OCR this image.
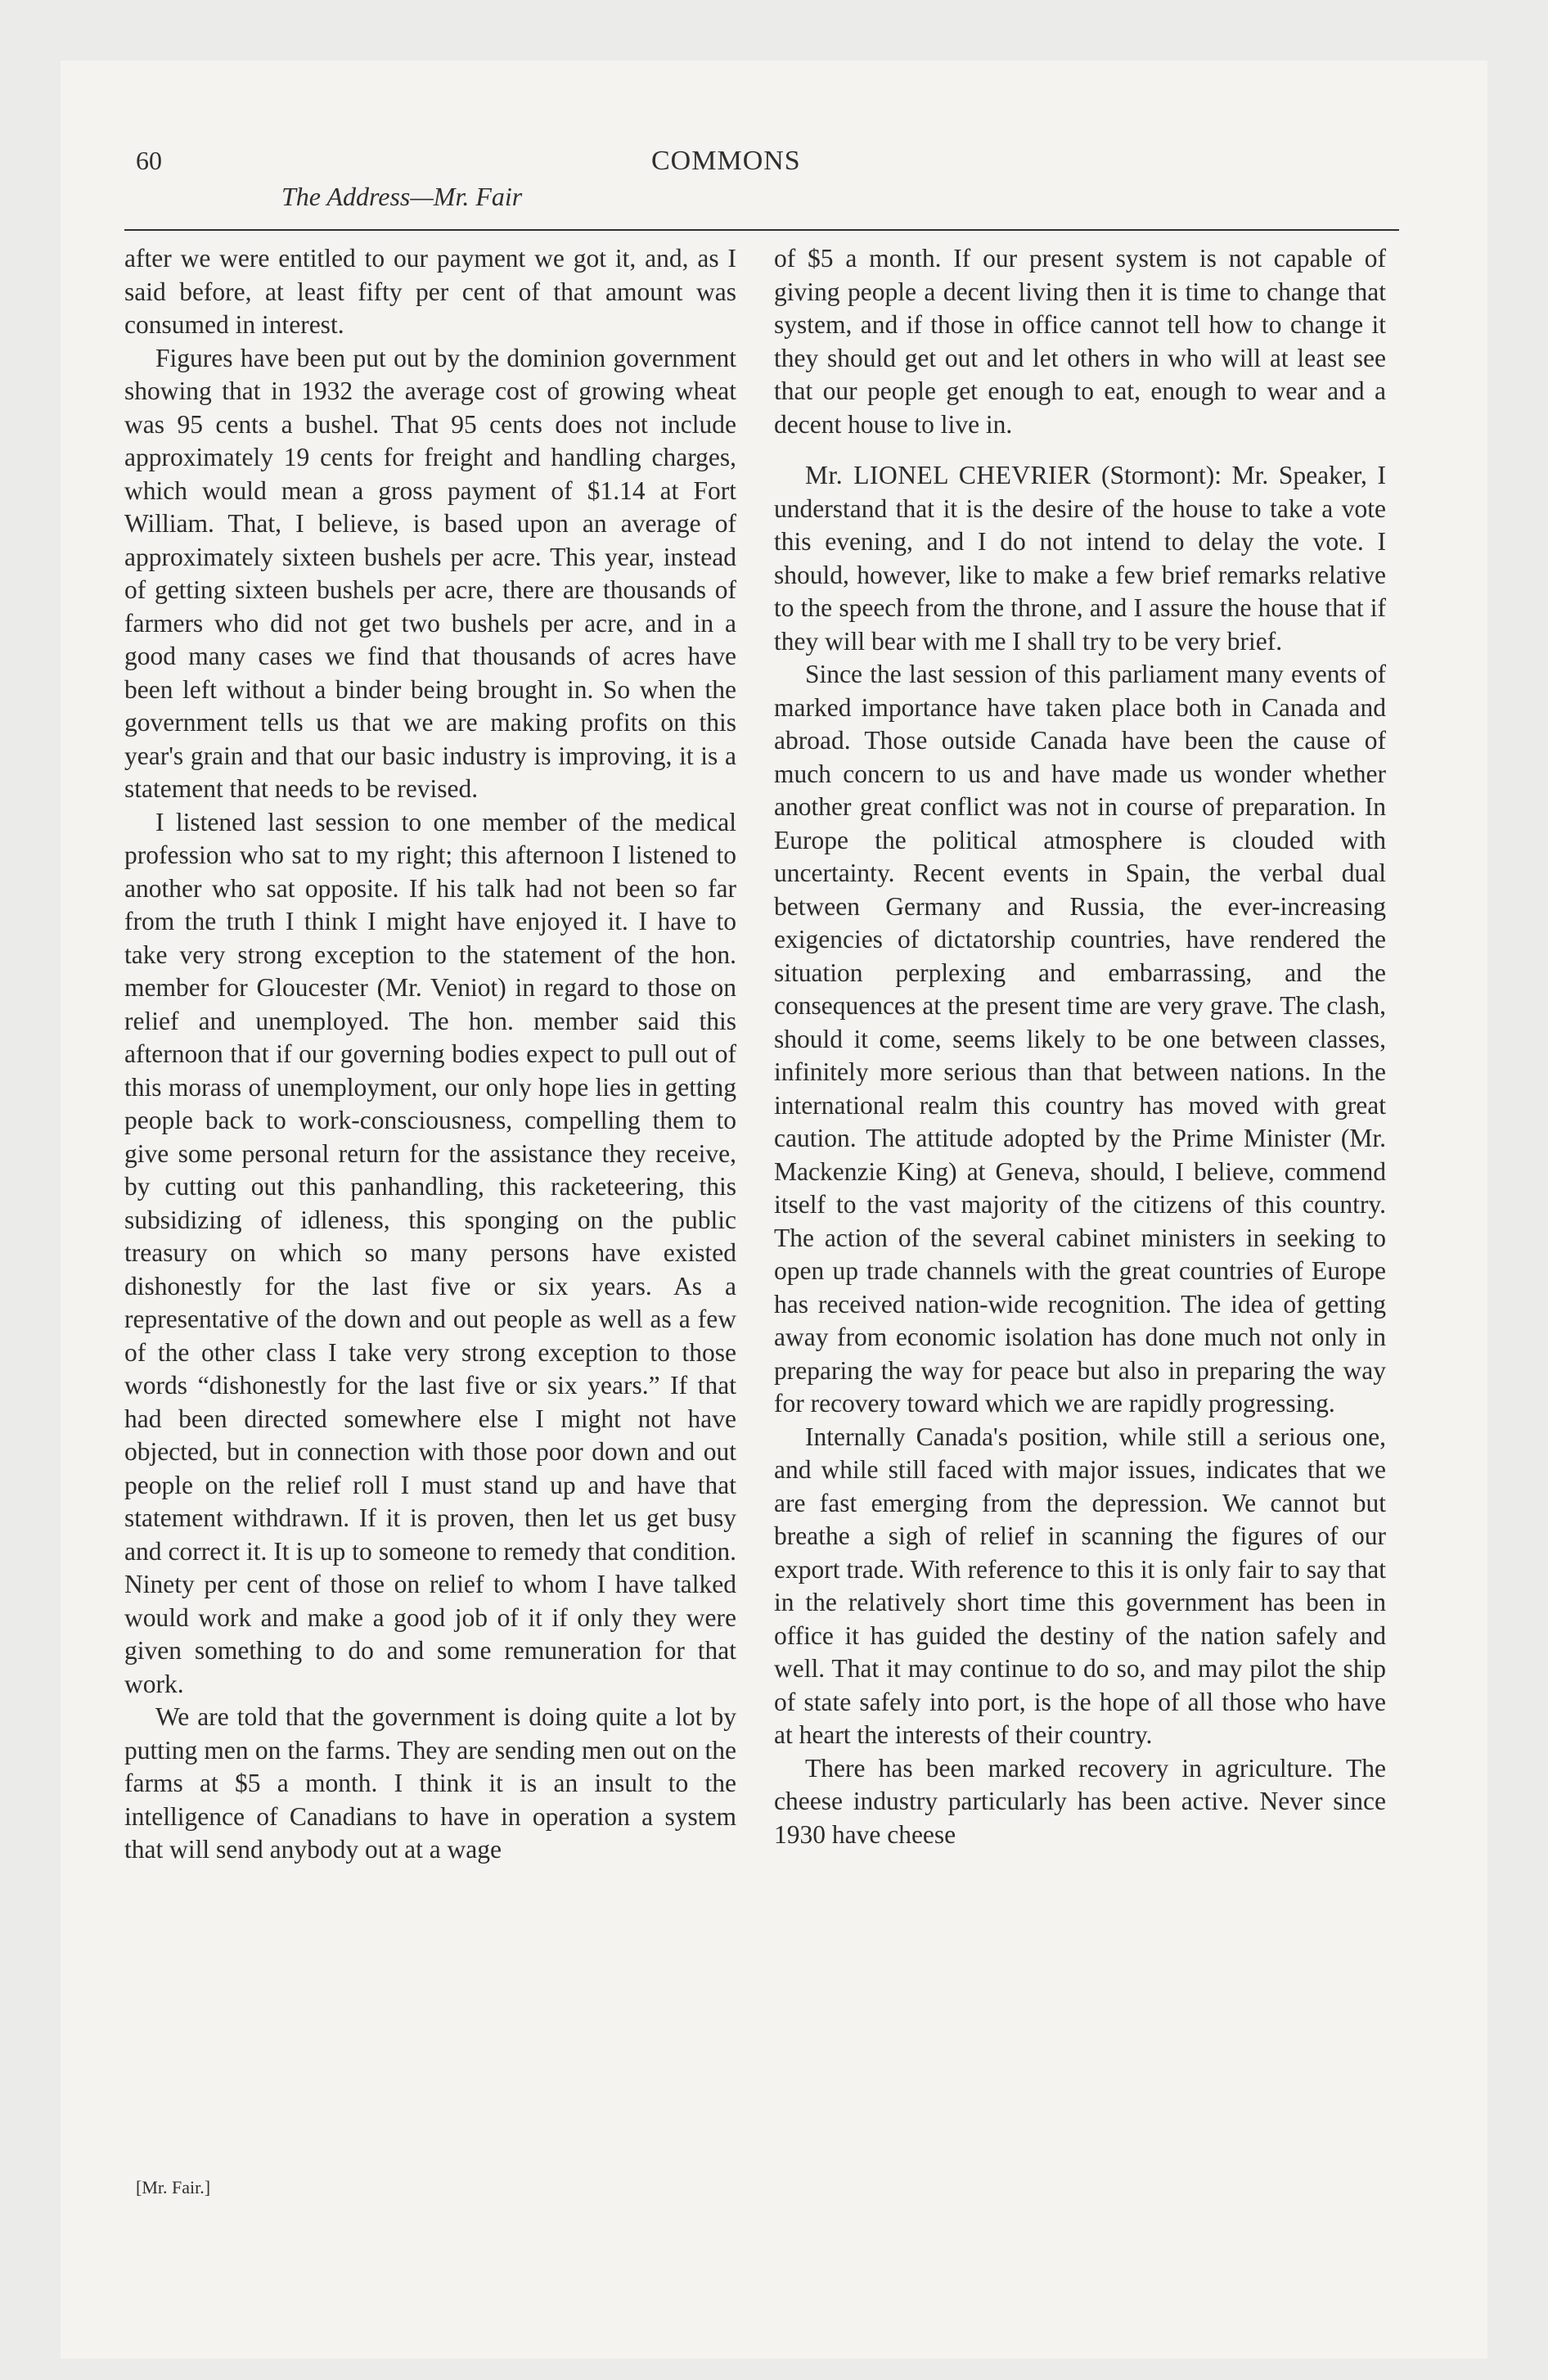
60	COMMONS
The Address—Mr. Fair

after we were entitled to our payment we got it, and, as I said before, at least fifty per cent of that amount was consumed in interest.

Figures have been put out by the dominion government showing that in 1932 the average cost of growing wheat was 95 cents a bushel. That 95 cents does not include approximately 19 cents for freight and handling charges, which would mean a gross payment of $1.14 at Fort William. That, I believe, is based upon an average of approximately sixteen bushels per acre. This year, instead of getting sixteen bushels per acre, there are thousands of farmers who did not get two bushels per acre, and in a good many cases we find that thousands of acres have been left without a binder being brought in. So when the government tells us that we are making profits on this year's grain and that our basic industry is improving, it is a statement that needs to be revised.

I listened last session to one member of the medical profession who sat to my right; this afternoon I listened to another who sat opposite. If his talk had not been so far from the truth I think I might have enjoyed it. I have to take very strong exception to the statement of the hon. member for Gloucester (Mr. Veniot) in regard to those on relief and unemployed. The hon. member said this afternoon that if our governing bodies expect to pull out of this morass of unemployment, our only hope lies in getting people back to work-consciousness, compelling them to give some personal return for the assistance they receive, by cutting out this panhandling, this racketeering, this subsidizing of idleness, this sponging on the public treasury on which so many persons have existed dishonestly for the last five or six years. As a representative of the down and out people as well as a few of the other class I take very strong exception to those words “dishonestly for the last five or six years.” If that had been directed somewhere else I might not have objected, but in connection with those poor down and out people on the relief roll I must stand up and have that statement withdrawn. If it is proven, then let us get busy and correct it. It is up to someone to remedy that condition. Ninety per cent of those on relief to whom I have talked would work and make a good job of it if only they were given something to do and some remuneration for that work.

We are told that the government is doing quite a lot by putting men on the farms. They are sending men out on the farms at $5 a month. I think it is an insult to the intelligence of Canadians to have in operation a system that will send anybody out at a wage

of $5 a month. If our present system is not capable of giving people a decent living then it is time to change that system, and if those in office cannot tell how to change it they should get out and let others in who will at least see that our people get enough to eat, enough to wear and a decent house to live in.

Mr. LIONEL CHEVRIER (Stormont): Mr. Speaker, I understand that it is the desire of the house to take a vote this evening, and I do not intend to delay the vote. I should, however, like to make a few brief remarks relative to the speech from the throne, and I assure the house that if they will bear with me I shall try to be very brief.

Since the last session of this parliament many events of marked importance have taken place both in Canada and abroad. Those outside Canada have been the cause of much concern to us and have made us wonder whether another great conflict was not in course of preparation. In Europe the political atmosphere is clouded with uncertainty. Recent events in Spain, the verbal dual between Germany and Russia, the ever-increasing exigencies of dictatorship countries, have rendered the situation perplexing and embarrassing, and the consequences at the present time are very grave. The clash, should it come, seems likely to be one between classes, infinitely more serious than that between nations. In the international realm this country has moved with great caution. The attitude adopted by the Prime Minister (Mr. Mackenzie King) at Geneva, should, I believe, commend itself to the vast majority of the citizens of this country. The action of the several cabinet ministers in seeking to open up trade channels with the great countries of Europe has received nation-wide recognition. The idea of getting away from economic isolation has done much not only in preparing the way for peace but also in preparing the way for recovery toward which we are rapidly progressing.

Internally Canada's position, while still a serious one, and while still faced with major issues, indicates that we are fast emerging from the depression. We cannot but breathe a sigh of relief in scanning the figures of our export trade. With reference to this it is only fair to say that in the relatively short time this government has been in office it has guided the destiny of the nation safely and well. That it may continue to do so, and may pilot the ship of state safely into port, is the hope of all those who have at heart the interests of their country.

There has been marked recovery in agriculture. The cheese industry particularly has been active. Never since 1930 have cheese

[Mr. Fair.]
